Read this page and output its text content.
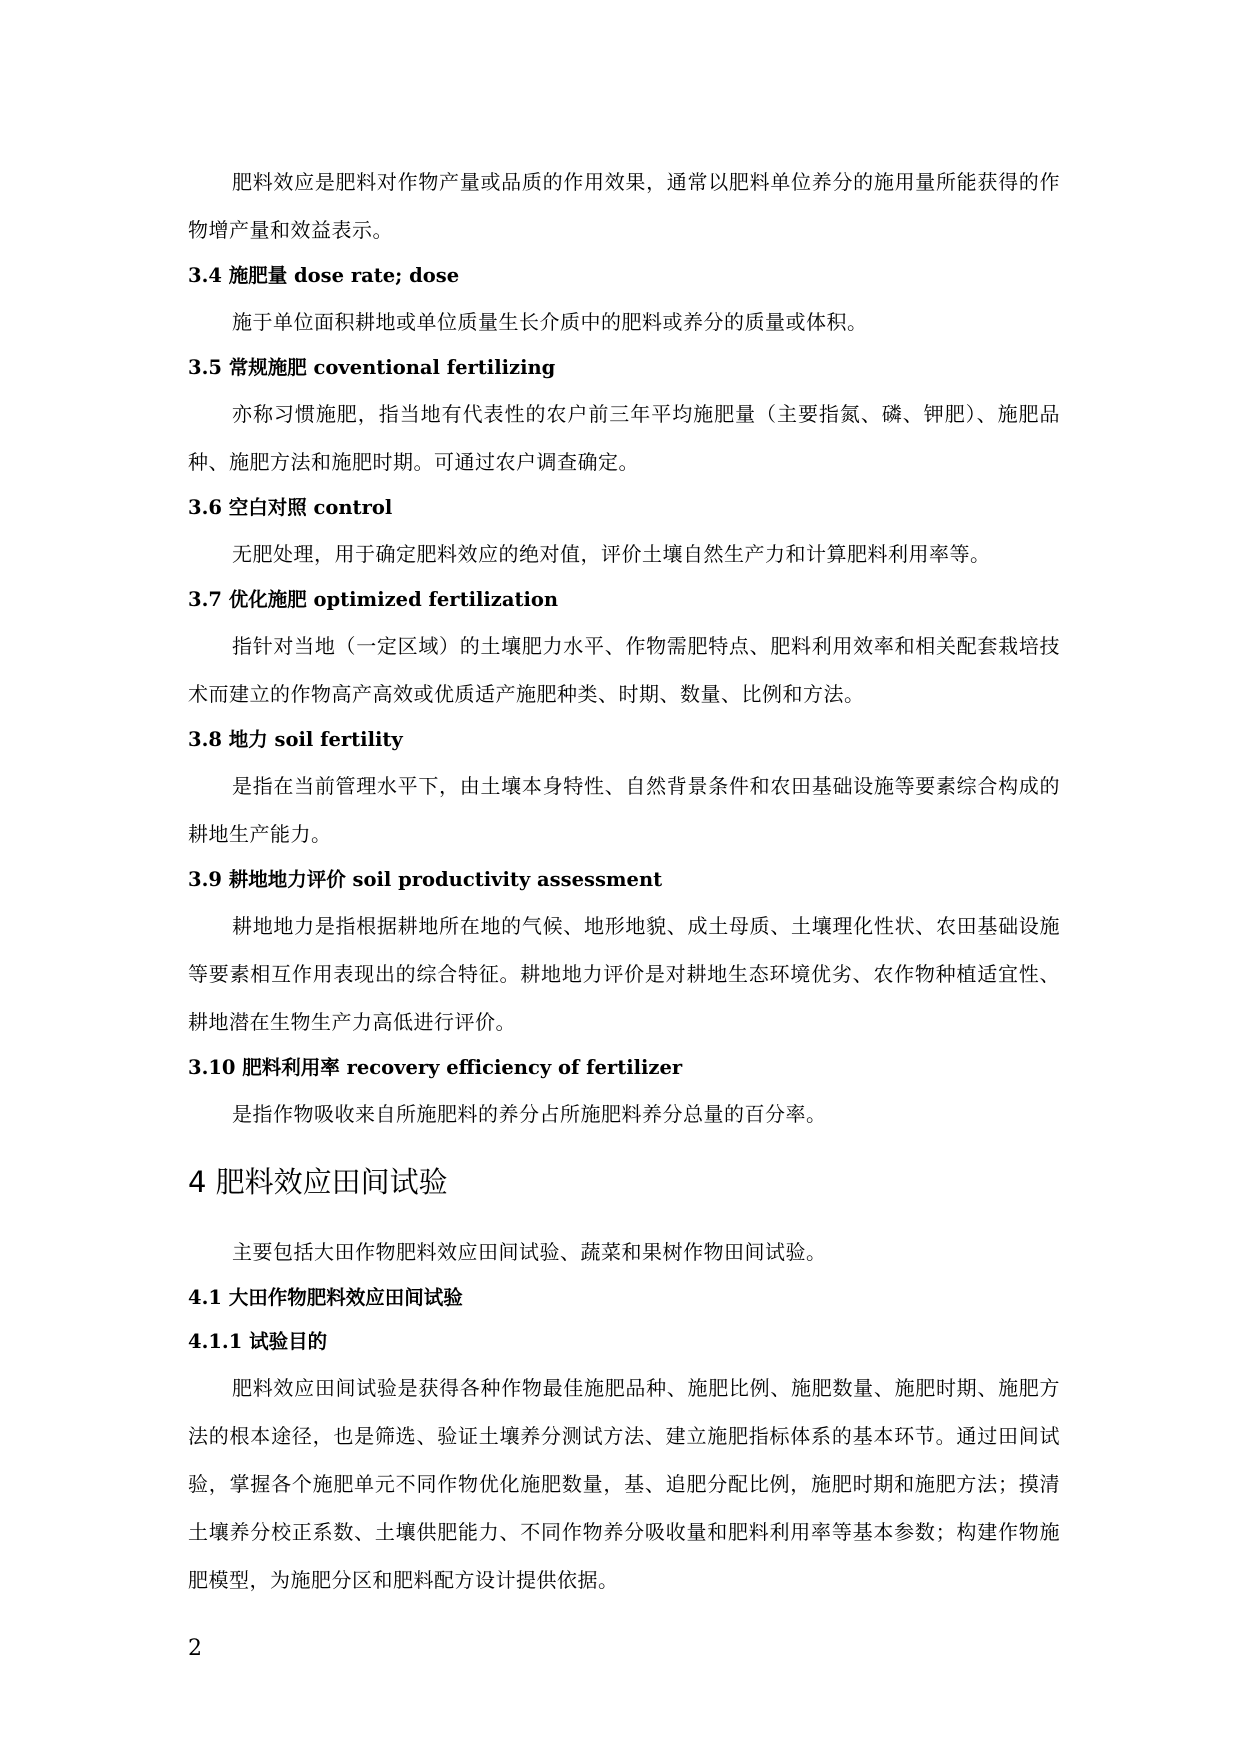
肥料效应是肥料对作物产量或品质的作用效果，通常以肥料单位养分的施用量所能获得的作物增产量和效益表示。

3.4 施肥量 dose rate; dose

施于单位面积耕地或单位质量生长介质中的肥料或养分的质量或体积。

3.5 常规施肥 coventional fertilizing

亦称习惯施肥，指当地有代表性的农户前三年平均施肥量（主要指氮、磷、钾肥）、施肥品种、施肥方法和施肥时期。可通过农户调查确定。

3.6 空白对照 control

无肥处理，用于确定肥料效应的绝对值，评价土壤自然生产力和计算肥料利用率等。

3.7 优化施肥 optimized fertilization

指针对当地（一定区域）的土壤肥力水平、作物需肥特点、肥料利用效率和相关配套栽培技术而建立的作物高产高效或优质适产施肥种类、时期、数量、比例和方法。

3.8 地力 soil fertility

是指在当前管理水平下，由土壤本身特性、自然背景条件和农田基础设施等要素综合构成的耕地生产能力。

3.9 耕地地力评价 soil productivity assessment

耕地地力是指根据耕地所在地的气候、地形地貌、成土母质、土壤理化性状、农田基础设施等要素相互作用表现出的综合特征。耕地地力评价是对耕地生态环境优劣、农作物种植适宜性、耕地潜在生物生产力高低进行评价。

3.10 肥料利用率 recovery efficiency of fertilizer

是指作物吸收来自所施肥料的养分占所施肥料养分总量的百分率。

4 肥料效应田间试验

主要包括大田作物肥料效应田间试验、蔬菜和果树作物田间试验。

4.1 大田作物肥料效应田间试验

4.1.1 试验目的

肥料效应田间试验是获得各种作物最佳施肥品种、施肥比例、施肥数量、施肥时期、施肥方法的根本途径，也是筛选、验证土壤养分测试方法、建立施肥指标体系的基本环节。通过田间试验，掌握各个施肥单元不同作物优化施肥数量，基、追肥分配比例，施肥时期和施肥方法；摸清土壤养分校正系数、土壤供肥能力、不同作物养分吸收量和肥料利用率等基本参数；构建作物施肥模型，为施肥分区和肥料配方设计提供依据。

2
